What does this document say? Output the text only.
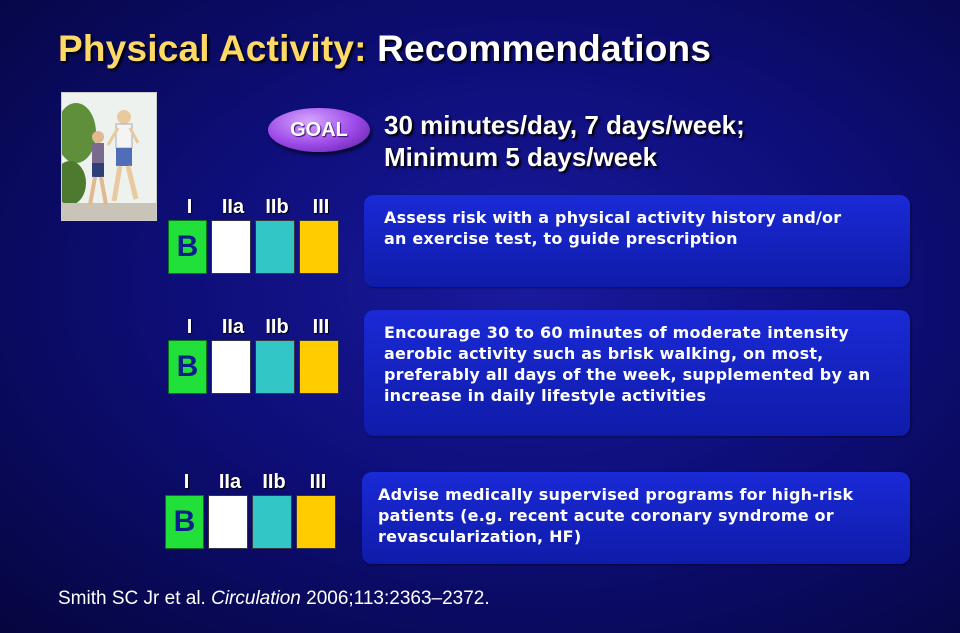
Physical Activity: Recommendations
GOAL	30 minutes/day, 7 days/week;
Minimum 5 days/week
I	IIa	IIb	III
B
Assess risk with a physical activity history and/or
an exercise test, to guide prescription
I	IIa	IIb	III
B
Encourage 30 to 60 minutes of moderate intensity
aerobic activity such as brisk walking, on most,
preferably all days of the week, supplemented by an
increase in daily lifestyle activities
I	IIa	IIb	III
B
Advise medically supervised programs for high-risk
patients (e.g. recent acute coronary syndrome or
revascularization, HF)
Smith SC Jr et al. Circulation 2006;113:2363–2372.
